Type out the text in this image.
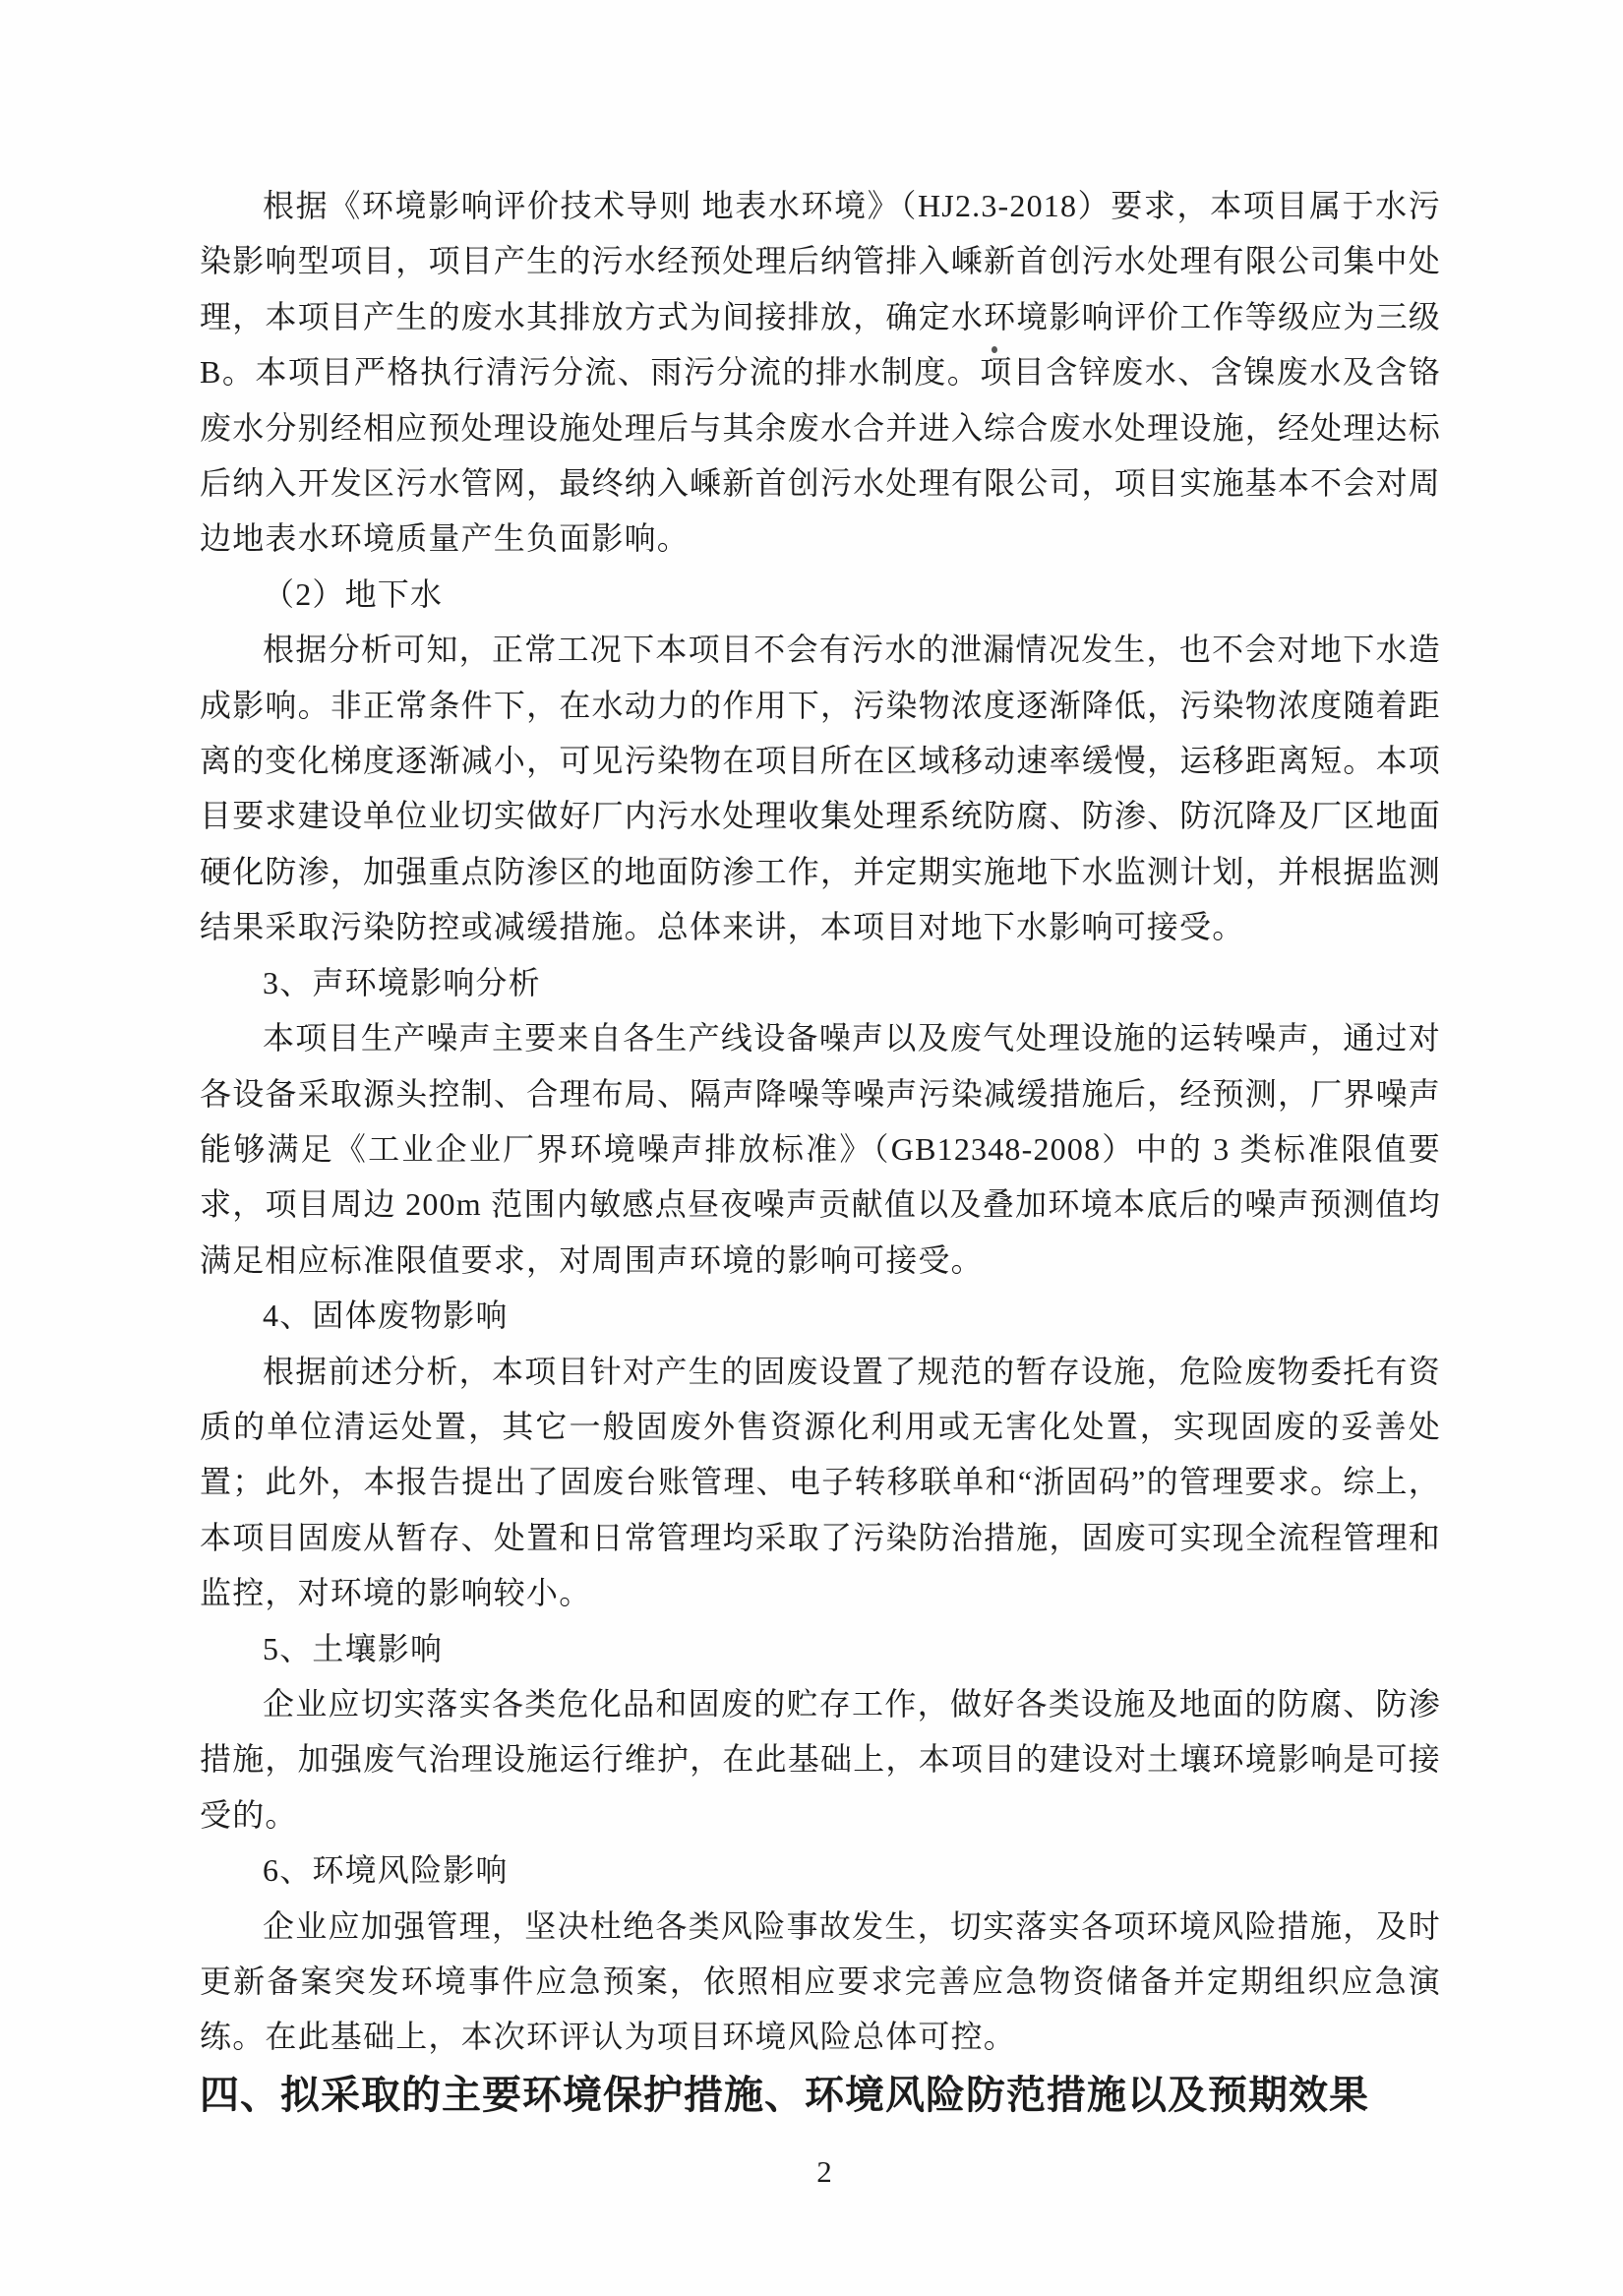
根据《环境影响评价技术导则 地表水环境》（HJ2.3-2018）要求，本项目属于水污染影响型项目，项目产生的污水经预处理后纳管排入嵊新首创污水处理有限公司集中处理，本项目产生的废水其排放方式为间接排放，确定水环境影响评价工作等级应为三级B。本项目严格执行清污分流、雨污分流的排水制度。项目含锌废水、含镍废水及含铬废水分别经相应预处理设施处理后与其余废水合并进入综合废水处理设施，经处理达标后纳入开发区污水管网，最终纳入嵊新首创污水处理有限公司，项目实施基本不会对周边地表水环境质量产生负面影响。

（2）地下水

根据分析可知，正常工况下本项目不会有污水的泄漏情况发生，也不会对地下水造成影响。非正常条件下，在水动力的作用下，污染物浓度逐渐降低，污染物浓度随着距离的变化梯度逐渐减小，可见污染物在项目所在区域移动速率缓慢，运移距离短。本项目要求建设单位业切实做好厂内污水处理收集处理系统防腐、防渗、防沉降及厂区地面硬化防渗，加强重点防渗区的地面防渗工作，并定期实施地下水监测计划，并根据监测结果采取污染防控或减缓措施。总体来讲，本项目对地下水影响可接受。

3、声环境影响分析

本项目生产噪声主要来自各生产线设备噪声以及废气处理设施的运转噪声，通过对各设备采取源头控制、合理布局、隔声降噪等噪声污染减缓措施后，经预测，厂界噪声能够满足《工业企业厂界环境噪声排放标准》（GB12348-2008）中的 3 类标准限值要求，项目周边 200m 范围内敏感点昼夜噪声贡献值以及叠加环境本底后的噪声预测值均满足相应标准限值要求，对周围声环境的影响可接受。

4、固体废物影响

根据前述分析，本项目针对产生的固废设置了规范的暂存设施，危险废物委托有资质的单位清运处置，其它一般固废外售资源化利用或无害化处置，实现固废的妥善处置；此外，本报告提出了固废台账管理、电子转移联单和“浙固码”的管理要求。综上，本项目固废从暂存、处置和日常管理均采取了污染防治措施，固废可实现全流程管理和监控，对环境的影响较小。

5、土壤影响

企业应切实落实各类危化品和固废的贮存工作，做好各类设施及地面的防腐、防渗措施，加强废气治理设施运行维护，在此基础上，本项目的建设对土壤环境影响是可接受的。

6、环境风险影响

企业应加强管理，坚决杜绝各类风险事故发生，切实落实各项环境风险措施，及时更新备案突发环境事件应急预案，依照相应要求完善应急物资储备并定期组织应急演练。在此基础上，本次环评认为项目环境风险总体可控。

四、拟采取的主要环境保护措施、环境风险防范措施以及预期效果

2
